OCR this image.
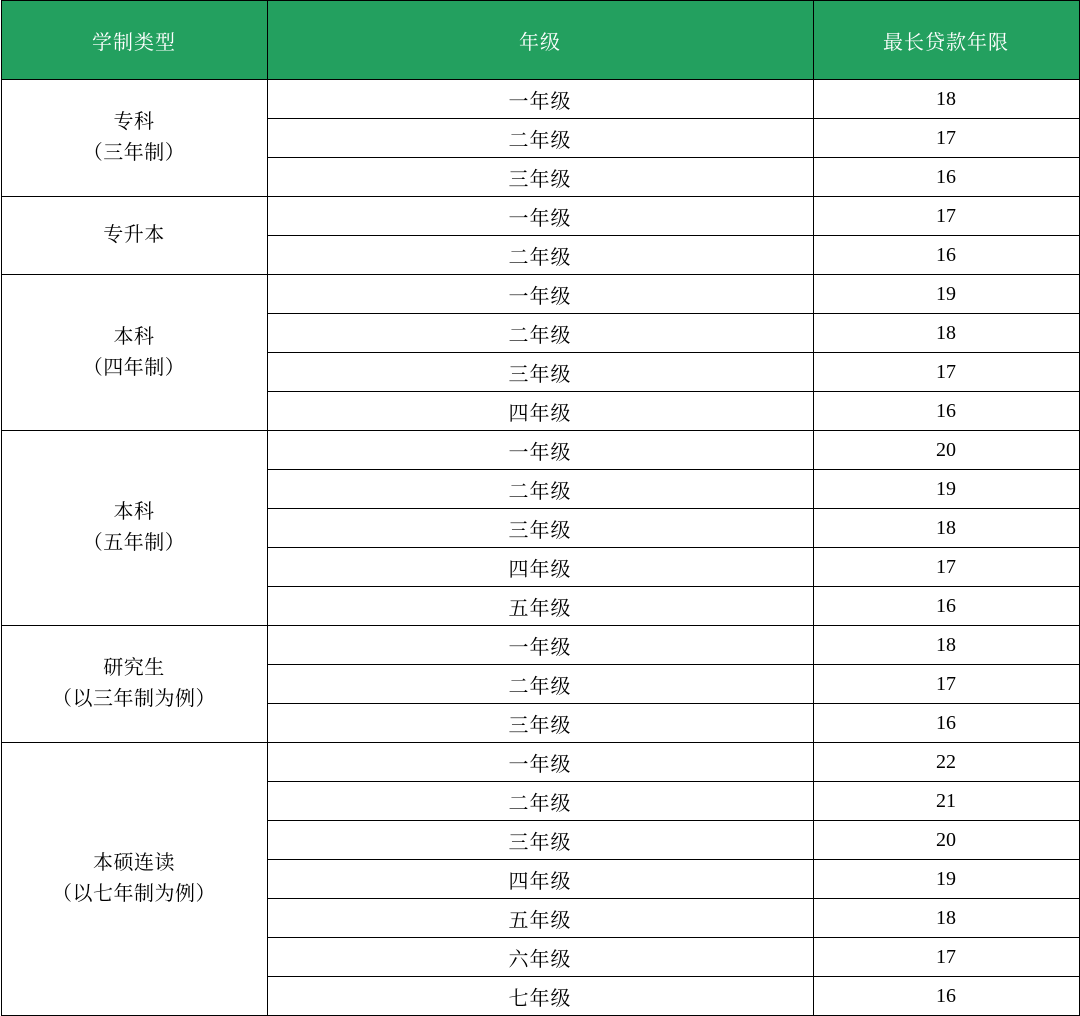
学制类型	年级	最长贷款年限
专科
（三年制）	一年级	18
	二年级	17
	三年级	16
专升本	一年级	17
	二年级	16
本科
（四年制）	一年级	19
	二年级	18
	三年级	17
	四年级	16
本科
（五年制）	一年级	20
	二年级	19
	三年级	18
	四年级	17
	五年级	16
研究生
（以三年制为例）	一年级	18
	二年级	17
	三年级	16
本硕连读
（以七年制为例）	一年级	22
	二年级	21
	三年级	20
	四年级	19
	五年级	18
	六年级	17
	七年级	16
